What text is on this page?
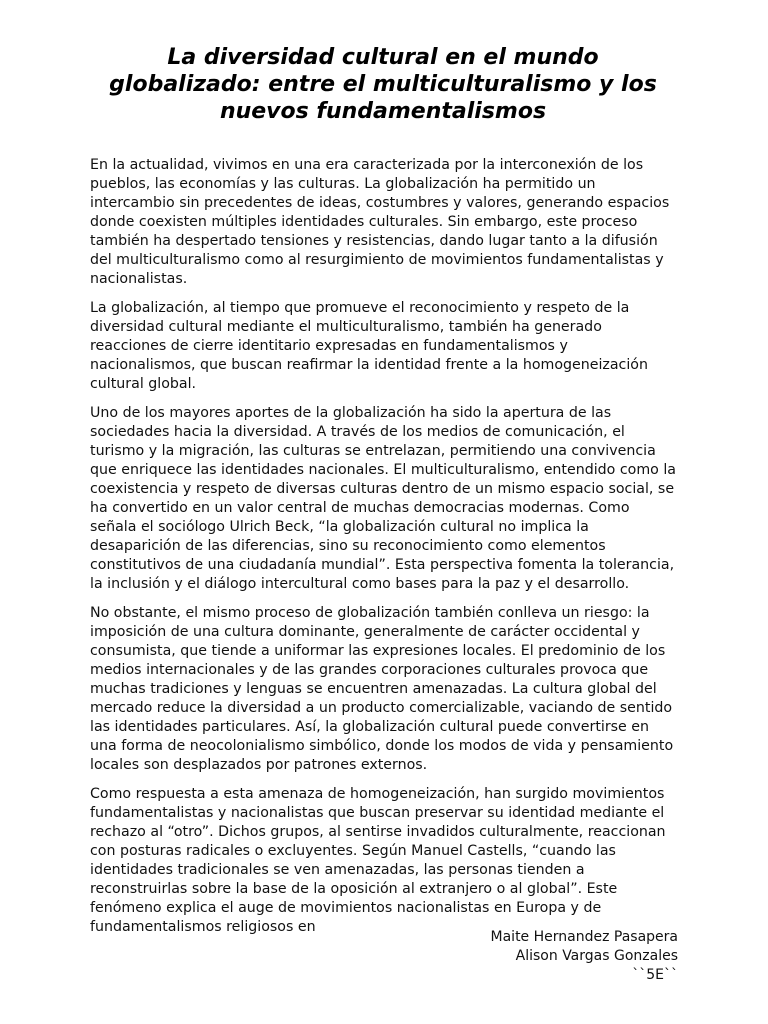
La diversidad cultural en el mundo globalizado: entre el multiculturalismo y los nuevos fundamentalismos

En la actualidad, vivimos en una era caracterizada por la interconexión de los pueblos, las economías y las culturas. La globalización ha permitido un intercambio sin precedentes de ideas, costumbres y valores, generando espacios donde coexisten múltiples identidades culturales. Sin embargo, este proceso también ha despertado tensiones y resistencias, dando lugar tanto a la difusión del multiculturalismo como al resurgimiento de movimientos fundamentalistas y nacionalistas.

La globalización, al tiempo que promueve el reconocimiento y respeto de la diversidad cultural mediante el multiculturalismo, también ha generado reacciones de cierre identitario expresadas en fundamentalismos y nacionalismos, que buscan reafirmar la identidad frente a la homogeneización cultural global.

Uno de los mayores aportes de la globalización ha sido la apertura de las sociedades hacia la diversidad. A través de los medios de comunicación, el turismo y la migración, las culturas se entrelazan, permitiendo una convivencia que enriquece las identidades nacionales. El multiculturalismo, entendido como la coexistencia y respeto de diversas culturas dentro de un mismo espacio social, se ha convertido en un valor central de muchas democracias modernas. Como señala el sociólogo Ulrich Beck, “la globalización cultural no implica la desaparición de las diferencias, sino su reconocimiento como elementos constitutivos de una ciudadanía mundial”. Esta perspectiva fomenta la tolerancia, la inclusión y el diálogo intercultural como bases para la paz y el desarrollo.

No obstante, el mismo proceso de globalización también conlleva un riesgo: la imposición de una cultura dominante, generalmente de carácter occidental y consumista, que tiende a uniformar las expresiones locales. El predominio de los medios internacionales y de las grandes corporaciones culturales provoca que muchas tradiciones y lenguas se encuentren amenazadas. La cultura global del mercado reduce la diversidad a un producto comercializable, vaciando de sentido las identidades particulares. Así, la globalización cultural puede convertirse en una forma de neocolonialismo simbólico, donde los modos de vida y pensamiento locales son desplazados por patrones externos.

Como respuesta a esta amenaza de homogeneización, han surgido movimientos fundamentalistas y nacionalistas que buscan preservar su identidad mediante el rechazo al “otro”. Dichos grupos, al sentirse invadidos culturalmente, reaccionan con posturas radicales o excluyentes. Según Manuel Castells, “cuando las identidades tradicionales se ven amenazadas, las personas tienden a reconstruirlas sobre la base de la oposición al extranjero o al global”. Este fenómeno explica el auge de movimientos nacionalistas en Europa y de fundamentalismos religiosos en

Maite Hernandez Pasapera
Alison Vargas Gonzales
``5E``
